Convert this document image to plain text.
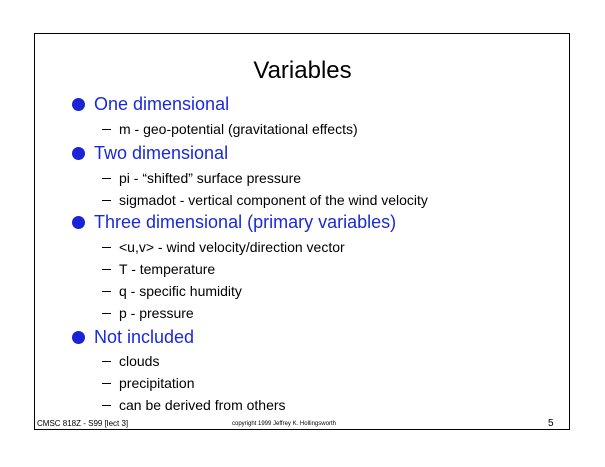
Variables
One dimensional
m - geo-potential (gravitational effects)
Two dimensional
pi - “shifted” surface pressure
sigmadot - vertical component of the wind velocity
Three dimensional (primary variables)
<u,v> - wind velocity/direction vector
T - temperature
q - specific humidity
p - pressure
Not included
clouds
precipitation
can be derived from others
CMSC 818Z - S99 [lect 3]	copyright 1999 Jeffrey K. Hollingsworth	5
